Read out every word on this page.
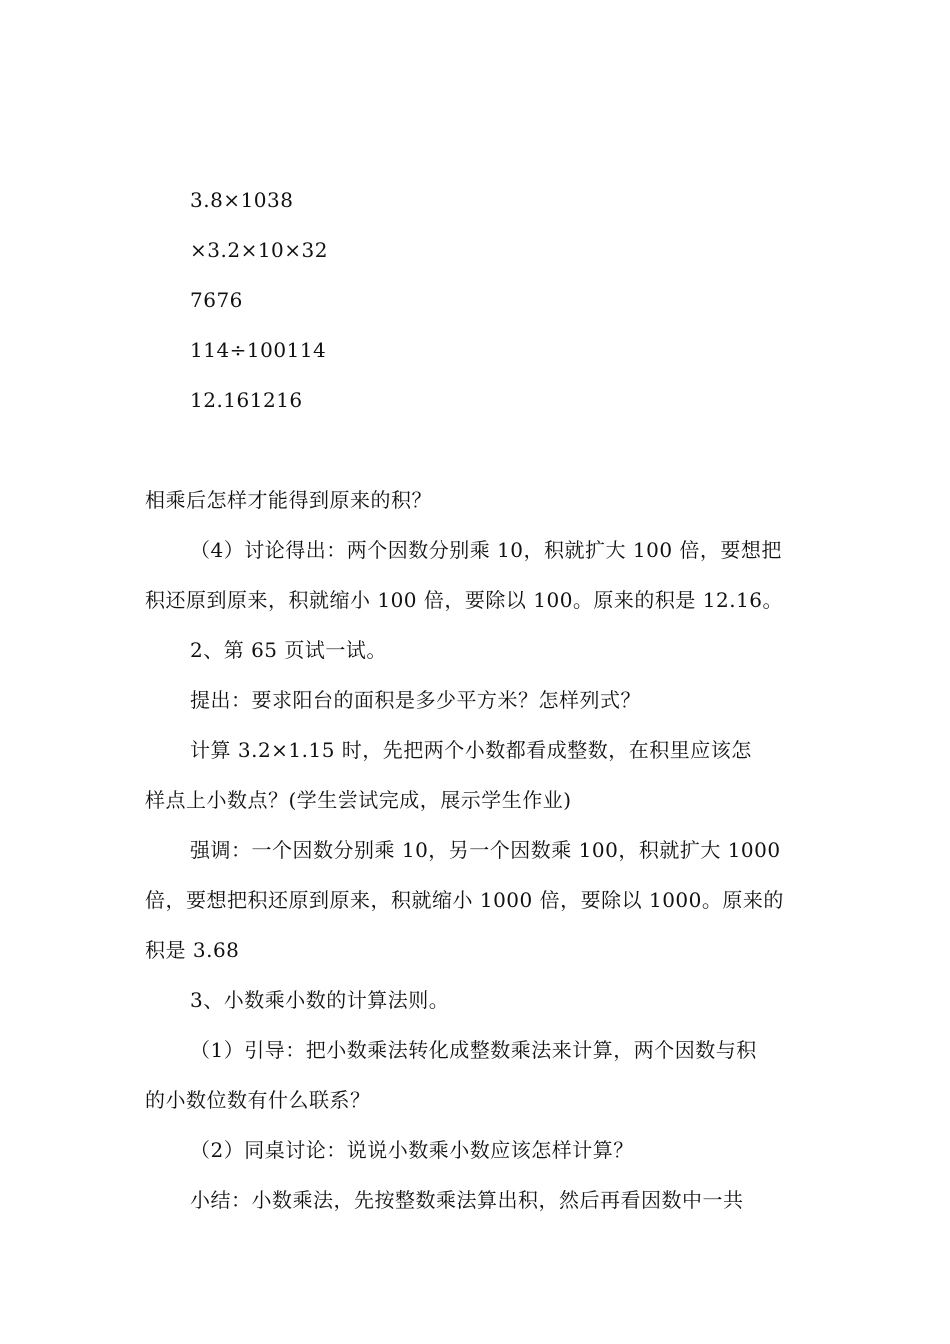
3.8×1038
×3.2×10×32
7676
114÷100114
12.161216
相乘后怎样才能得到原来的积？
（4）讨论得出：两个因数分别乘 10，积就扩大 100 倍，要想把
积还原到原来，积就缩小 100 倍，要除以 100。原来的积是 12.16。
2、第 65 页试一试。
提出：要求阳台的面积是多少平方米？怎样列式？
计算 3.2×1.15 时，先把两个小数都看成整数，在积里应该怎
样点上小数点？(学生尝试完成，展示学生作业)
强调：一个因数分别乘 10，另一个因数乘 100，积就扩大 1000
倍，要想把积还原到原来，积就缩小 1000 倍，要除以 1000。原来的
积是 3.68
3、小数乘小数的计算法则。
（1）引导：把小数乘法转化成整数乘法来计算，两个因数与积
的小数位数有什么联系？
（2）同桌讨论：说说小数乘小数应该怎样计算？
小结：小数乘法，先按整数乘法算出积，然后再看因数中一共
